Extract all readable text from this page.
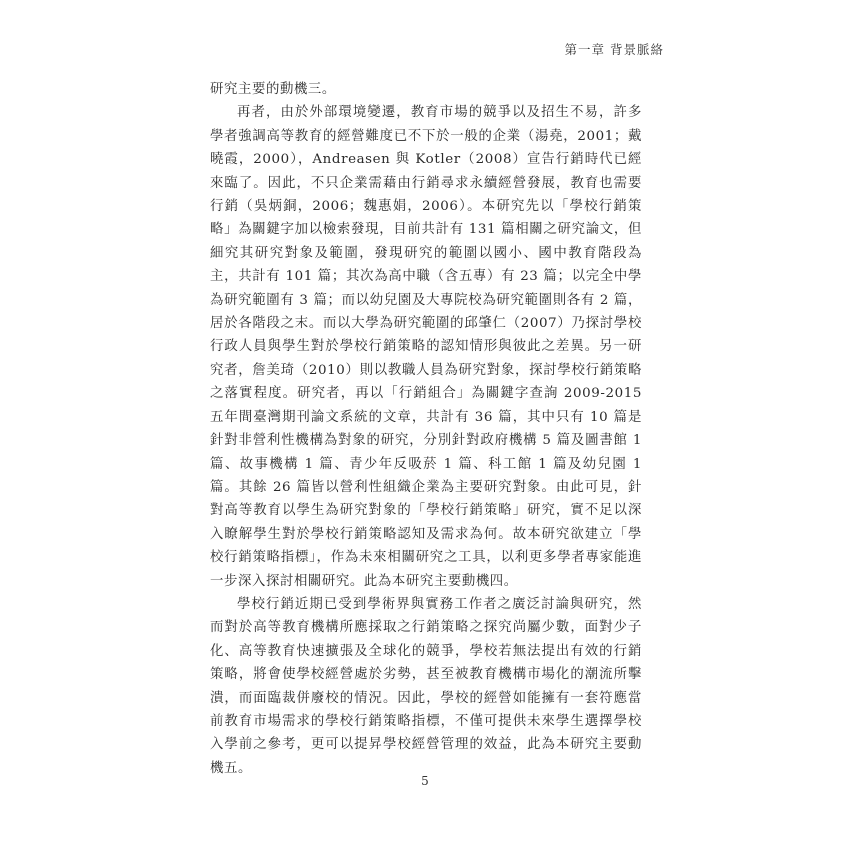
第一章 背景脈絡

研究主要的動機三。

再者，由於外部環境變遷，教育市場的競爭以及招生不易，許多學者強調高等教育的經營難度已不下於一般的企業（湯堯，2001；戴曉霞，2000），Andreasen 與 Kotler（2008）宣告行銷時代已經來臨了。因此，不只企業需藉由行銷尋求永續經營發展，教育也需要行銷（吳炳銅，2006；魏惠娟，2006）。本研究先以「學校行銷策略」為關鍵字加以檢索發現，目前共計有 131 篇相關之研究論文，但細究其研究對象及範圍，發現研究的範圍以國小、國中教育階段為主，共計有 101 篇；其次為高中職（含五專）有 23 篇；以完全中學為研究範圍有 3 篇；而以幼兒園及大專院校為研究範圍則各有 2 篇，居於各階段之末。而以大學為研究範圍的邱肇仁（2007）乃探討學校行政人員與學生對於學校行銷策略的認知情形與彼此之差異。另一研究者，詹美琦（2010）則以教職人員為研究對象，探討學校行銷策略之落實程度。研究者，再以「行銷組合」為關鍵字查詢 2009-2015 五年間臺灣期刊論文系統的文章，共計有 36 篇，其中只有 10 篇是針對非營利性機構為對象的研究，分別針對政府機構 5 篇及圖書館 1 篇、故事機構 1 篇、青少年反吸菸 1 篇、科工館 1 篇及幼兒園 1 篇。其餘 26 篇皆以營利性組織企業為主要研究對象。由此可見，針對高等教育以學生為研究對象的「學校行銷策略」研究，實不足以深入瞭解學生對於學校行銷策略認知及需求為何。故本研究欲建立「學校行銷策略指標」，作為未來相關研究之工具，以利更多學者專家能進一步深入探討相關研究。此為本研究主要動機四。

學校行銷近期已受到學術界與實務工作者之廣泛討論與研究，然而對於高等教育機構所應採取之行銷策略之探究尚屬少數，面對少子化、高等教育快速擴張及全球化的競爭，學校若無法提出有效的行銷策略，將會使學校經營處於劣勢，甚至被教育機構市場化的潮流所擊潰，而面臨裁併廢校的情況。因此，學校的經營如能擁有一套符應當前教育市場需求的學校行銷策略指標，不僅可提供未來學生選擇學校入學前之參考，更可以提昇學校經營管理的效益，此為本研究主要動機五。

5
